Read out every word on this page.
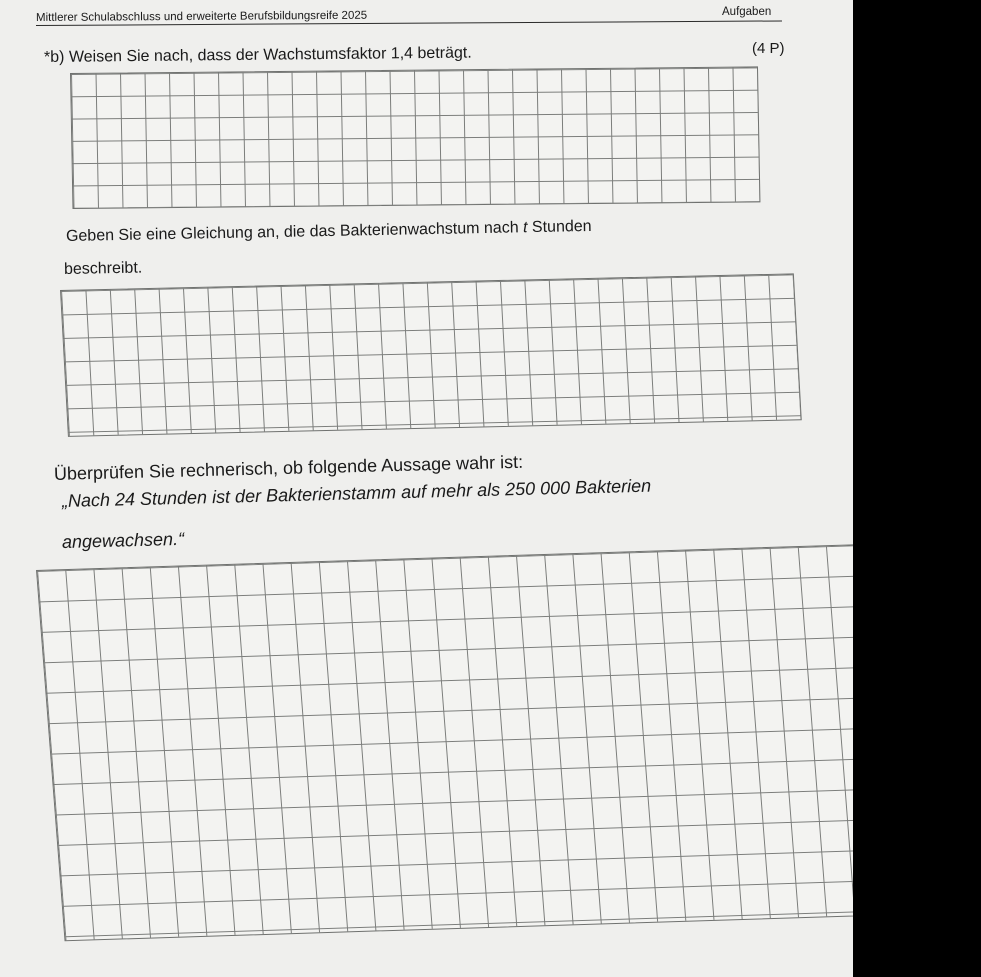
Mittlerer Schulabschluss und erweiterte Berufsbildungsreife 2025	Aufgaben
*b) Weisen Sie nach, dass der Wachstumsfaktor 1,4 beträgt.	(4 P)
Geben Sie eine Gleichung an, die das Bakterienwachstum nach t Stunden
beschreibt.
Überprüfen Sie rechnerisch, ob folgende Aussage wahr ist:
„Nach 24 Stunden ist der Bakterienstamm auf mehr als 250 000 Bakterien
angewachsen.“
